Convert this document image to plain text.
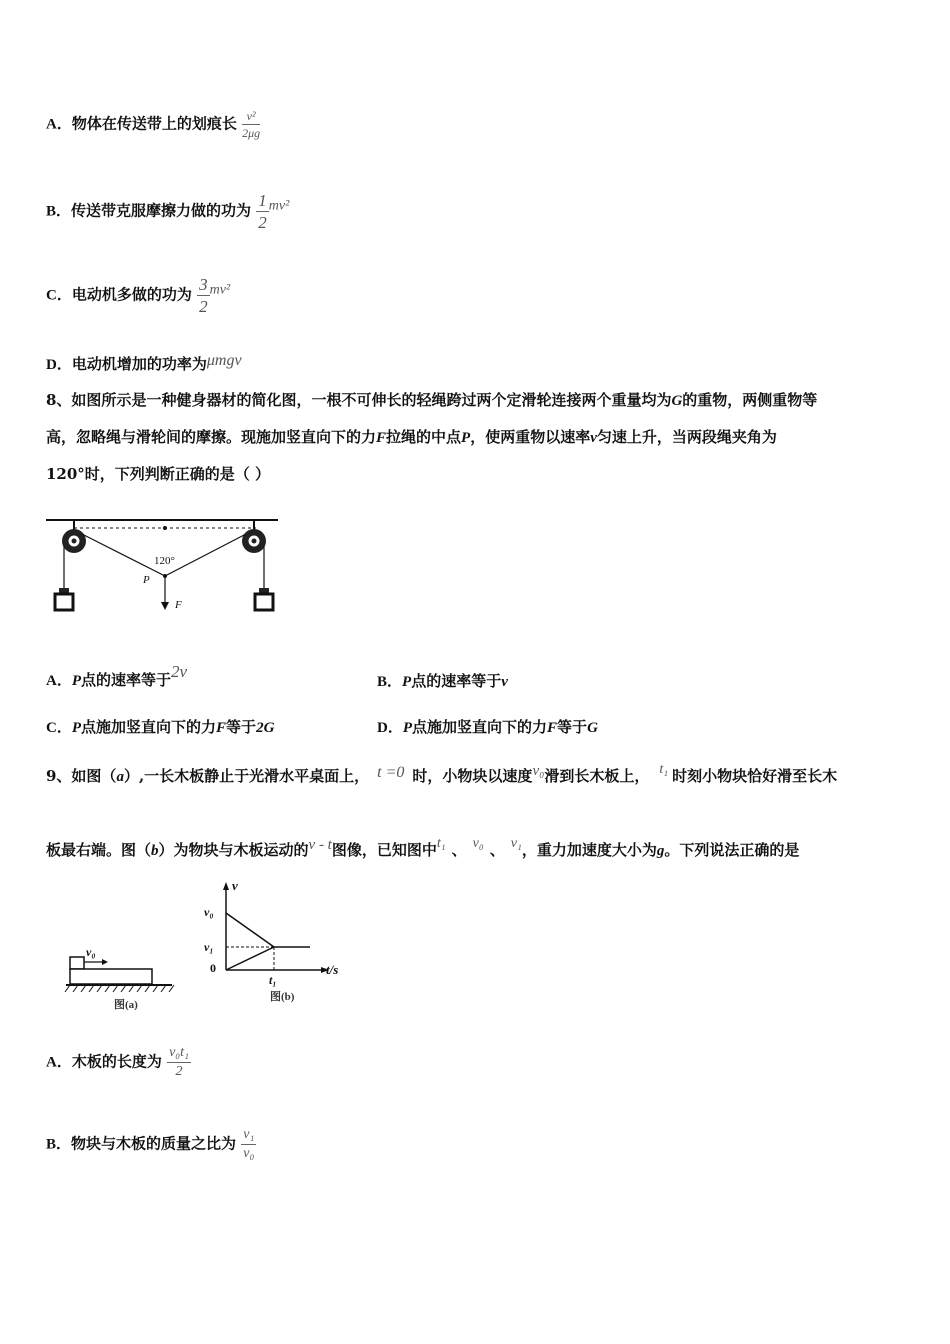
A．物体在传送带上的划痕长 $\frac{\text{v²}}{2\mu g}$
B．传送带克服摩擦力做的功为 $\frac{1}{2} mv^2$
C．电动机多做的功为 $\frac{3}{2} mv^2$
D．电动机增加的功率为μmgv
8、如图所示是一种健身器材的简化图，一根不可伸长的轻绳跨过两个定滑轮连接两个重量均为G的重物，两侧重物等
高，忽略绳与滑轮间的摩擦。现施加竖直向下的力F拉绳的中点P，使两重物以速率v匀速上升，当两段绳夹角为
120°时，下列判断正确的是（ ）
120°
P
F
A．P点的速率等于2v
B．P点的速率等于v
C．P点施加竖直向下的力F等于2G	D．P点施加竖直向下的力F等于G
9、如图（a）,一长木板静止于光滑水平桌面上， t =0 时，小物块以速度v₀滑到长木板上， t₁ 时刻小物块恰好滑至长木
板最右端。图（b）为物块与木板运动的v - t图像，已知图中t₁ 、 v₀ 、 v₁，重力加速度大小为g。下列说法正确的是
v₀
图(a)
v
v₀
v₁
0
t₁
t/s
图(b)
A．木板的长度为 $\frac{\text{v₀t₁}}{2}$
B．物块与木板的质量之比为 $\frac{\text{v₁}}{\text{v₀}}$
